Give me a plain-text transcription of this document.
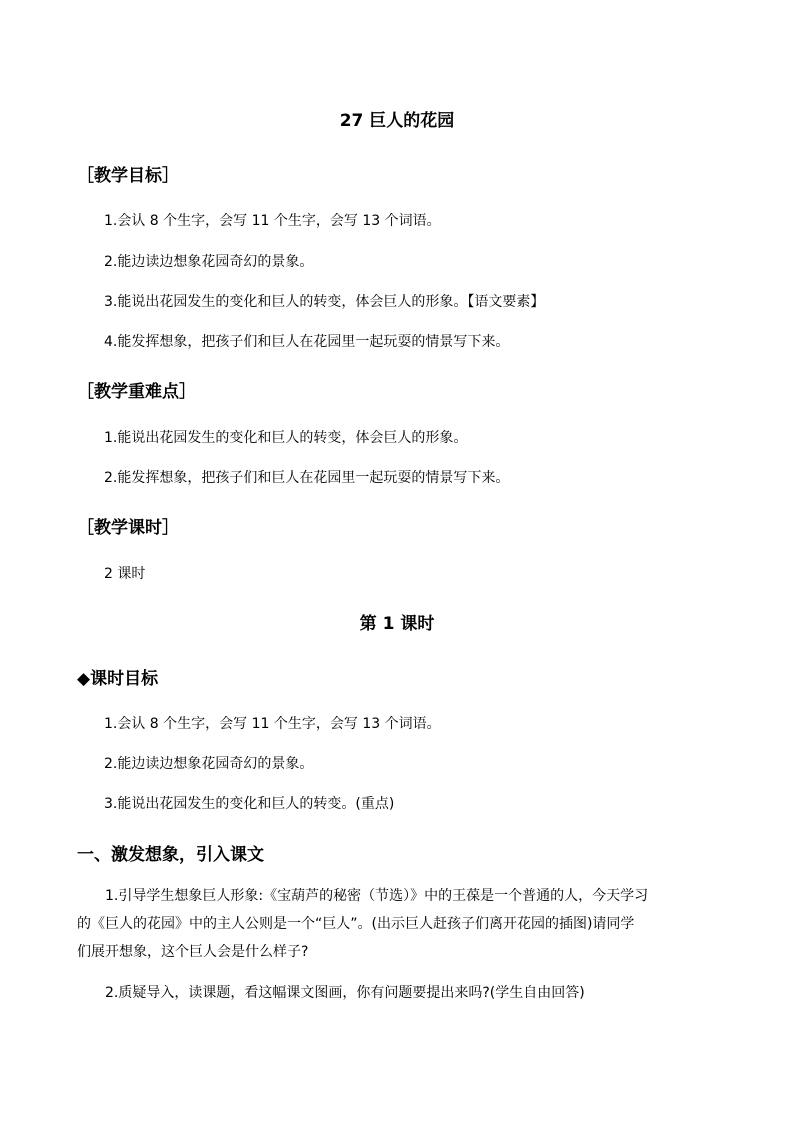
27 巨人的花园
［教学目标］
1.会认 8 个生字，会写 11 个生字，会写 13 个词语。
2.能边读边想象花园奇幻的景象。
3.能说出花园发生的变化和巨人的转变，体会巨人的形象。【语文要素】
4.能发挥想象，把孩子们和巨人在花园里一起玩耍的情景写下来。
［教学重难点］
1.能说出花园发生的变化和巨人的转变，体会巨人的形象。
2.能发挥想象，把孩子们和巨人在花园里一起玩耍的情景写下来。
［教学课时］
2 课时
第 1 课时
◆课时目标
1.会认 8 个生字，会写 11 个生字，会写 13 个词语。
2.能边读边想象花园奇幻的景象。
3.能说出花园发生的变化和巨人的转变。(重点)
一、激发想象，引入课文
1.引导学生想象巨人形象:《宝葫芦的秘密（节选）》中的王葆是一个普通的人，今天学习
的《巨人的花园》中的主人公则是一个“巨人”。(出示巨人赶孩子们离开花园的插图)请同学
们展开想象，这个巨人会是什么样子?
2.质疑导入，读课题，看这幅课文图画，你有问题要提出来吗?(学生自由回答)
